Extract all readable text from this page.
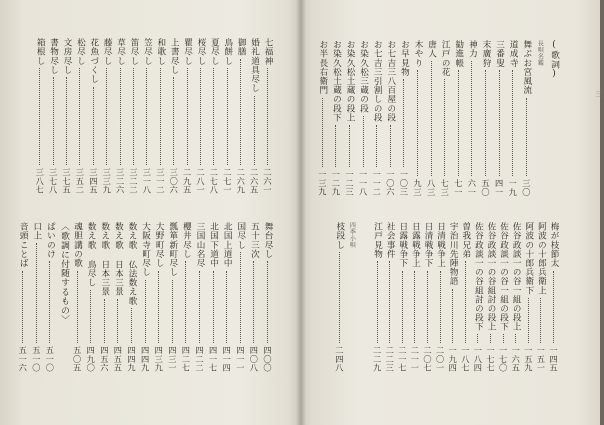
七福神
二六一
婚礼道具尽し
二六五
御膳
二六九
鳥餅し
二七一
夏尽し
二七八
桜尽し
二八一
瞿尽し
二九五
上書尽し
三〇六
和歌し
三一二
笠尽し
三一八
笛尽し
三二二
草尽し
三二六
藤尽し
三三九
花魚づくし
三四五
松尽し
三五二
文房尽し
三七五
書物尽し
三七八
箱根し
三八七
舞台尽し
四〇〇
五十三次
四〇八
国尽し
四一一
北国上道中
四一四
北国下道中
四一七
三国山名尽
四二二
櫻井尽し
四二七
瓢箪新町尽し
四三一
大野町尽し
四三九
大阪寺町尽し
四四九
数え歌 仏法数え歌
四四九
数え歌 日本三景
四五五
数え歌 日本三景
四五六
数え歌 鳥尽し
四九〇
魂胆講の歌
五〇五
〈歌調に付随するもの〉
ぱいのけ
五一〇
口上
五一〇
音頭ことば
五一六
(歌詞)
長唄名鑑
舞ぶお宮風流
三〇
道成寺
一九
三番叟
四一
末廣狩
五〇
神力
六一
勧進帳
七一
江戸の花
七三
唐人
八三
木やり
九三
お早見物
一〇三
お七吉三八百屋の段
一〇六
お七吉三引割しの段
一一二
お染久松三蔵の段
一一八
お染久松土蔵の段上
一二三
お染久松土蔵の段下
一二九
お半長右衛門
一三九
梅が枝節太
一四五
阿波の十郎兵衛上
一五一
阿波の十郎兵衛下
一五九
佐谷政談一の谷一組の段上
一六五
佐谷政談一の谷一組の段下
一七〇
佐谷政談一の谷組討の段上
一七七
佐谷政談一の谷組討の段下
一八四
曽我兄弟
一八七
宇治川先陣物語
一九四
日清戦争上
二〇一
日清戦争下
二〇七
日露戦争上
二一一
日露戦争下
二一七
社会事件
二二三
江戸見物
二二九
四季小唄
枝段し
二四八
三
